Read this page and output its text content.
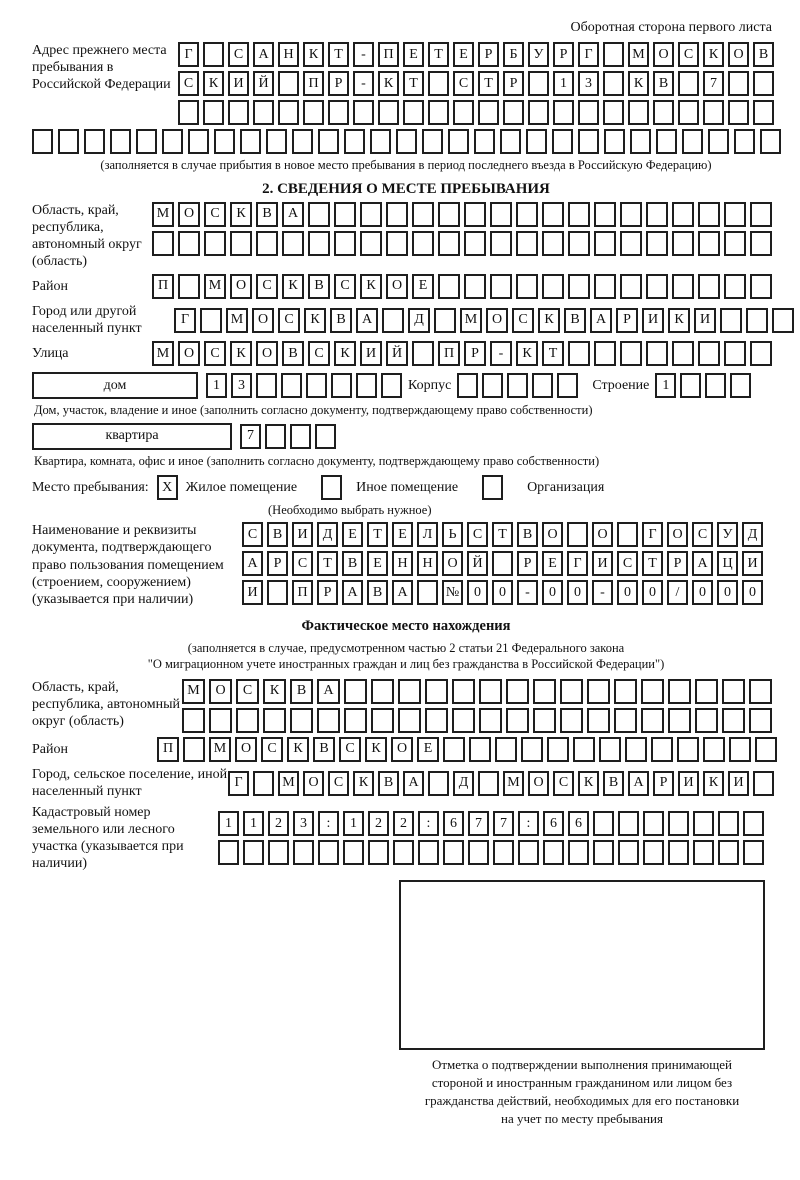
Оборотная сторона первого листа
Адрес прежнего места пребывания в Российской Федерации
Г	С	А	Н	К	Т	-	П	Е	Т	Е	Р	Б	У	Р	Г	М О	С	К	О	В
С	К	И	Й	П	Р	-	К	Т	С	Т	Р	1	3	К	В	7
(заполняется в случае прибытия в новое место пребывания в период последнего въезда в Российскую Федерацию)
2. СВЕДЕНИЯ О МЕСТЕ ПРЕБЫВАНИЯ
Область, край, республика, автономный округ (область)
М	О	С	К	В	А
Район	П	М	О	С	К	В	С	К	О	Е
Город или другой населенный пункт
Г	М	О	С	К	В	А	Д	М	О	С	К	В	А	Р	И	К	И
Улица	М	О	С	К	О	В	С	К	И	Й	П	Р	-	К	Т
дом	1	3	Корпус	Строение 1
Дом, участок, владение и иное (заполнить согласно документу, подтверждающему право собственности)
квартира	7
Квартира, комната, офис и иное (заполнить согласно документу, подтверждающему право собственности)
Место пребывания: X Жилое помещение	Иное помещение	Организация
(Необходимо выбрать нужное)
Наименование и реквизиты документа, подтверждающего право пользования помещением (строением, сооружением) (указывается при наличии)
С	В	И	Д	Е	Т	Е	Л	Ь	С	Т	В	О	О	Г	О	С	У	Д
А	Р	С	Т	В	Е	Н	Н	О	Й	Р	Е	Г	И	С	Т	Р	А	Ц	И
И	П	Р	А	В	А	№	0	0	-	0	0	-	0	0	/	0	0	0
Фактическое место нахождения
(заполняется в случае, предусмотренном частью 2 статьи 21 Федерального закона
"О миграционном учете иностранных граждан и лиц без гражданства в Российской Федерации")
Область, край, республика, автономный округ (область)
М	О	С	К	В	А
Район	П	М	О	С	К	В	С	К	О	Е
Город, сельское поселение, иной населенный пункт
Г	М О	С	К	В	А	Д	М О	С	К	В	А	Р	И	К	И
Кадастровый номер земельного или лесного участка (указывается при наличии)
1	1	2	3	:	1	2	2	:	6	7	7	:	6	6
Отметка о подтверждении выполнения принимающей
стороной и иностранным гражданином или лицом без
гражданства действий, необходимых для его постановки
на учет по месту пребывания
